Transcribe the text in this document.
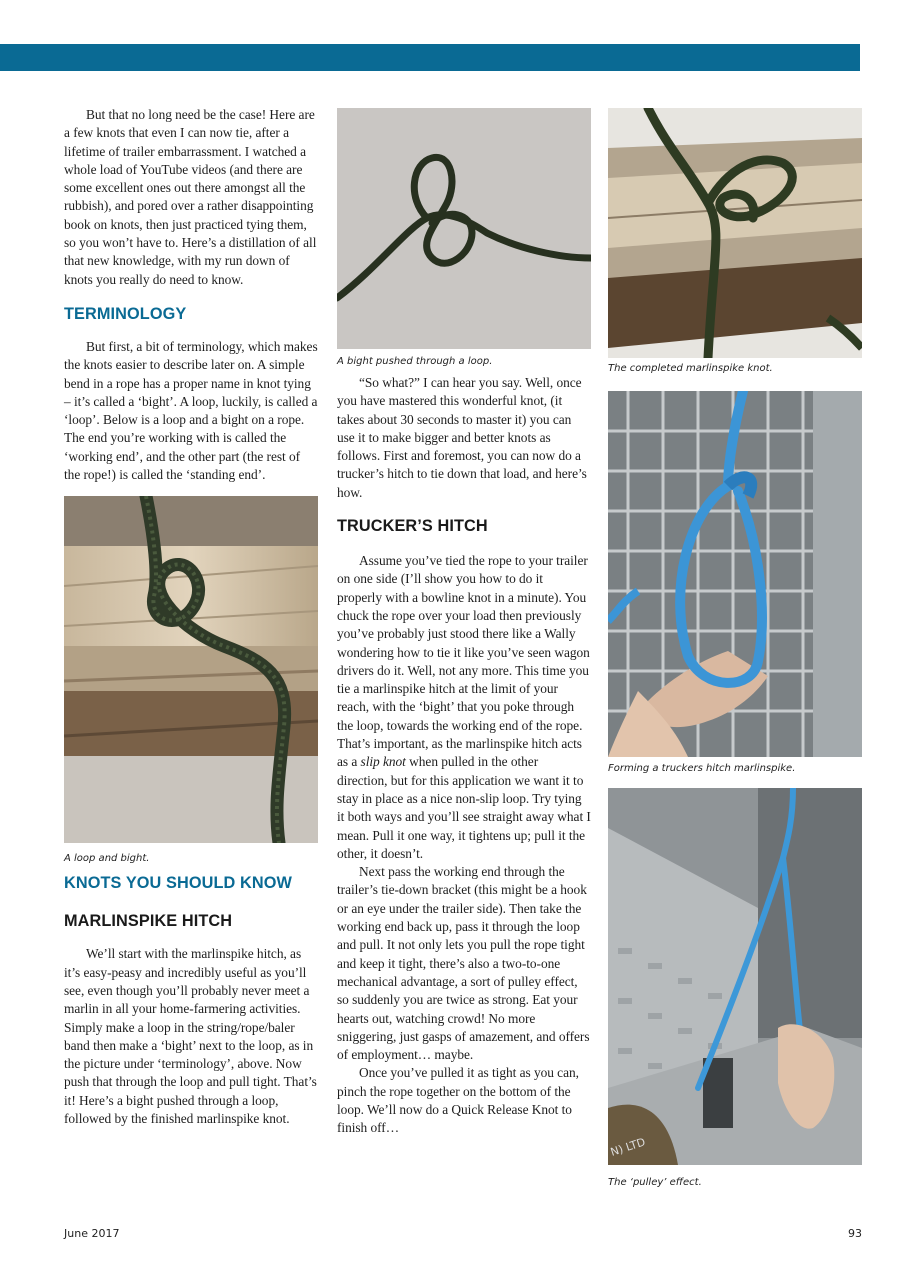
But that no long need be the case! Here are a few knots that even I can now tie, after a lifetime of trailer embarrassment. I watched a whole load of YouTube videos (and there are some excellent ones out there amongst all the rubbish), and pored over a rather disappointing book on knots, then just practiced tying them, so you won’t have to. Here’s a distillation of all that new knowledge, with my run down of knots you really do need to know.

TERMINOLOGY

But first, a bit of terminology, which makes the knots easier to describe later on. A simple bend in a rope has a proper name in knot tying – it’s called a ‘bight’. A loop, luckily, is called a ‘loop’. Below is a loop and a bight on a rope. The end you’re working with is called the ‘working end’, and the other part (the rest of the rope!) is called the ‘standing end’.

A loop and bight.
KNOTS YOU SHOULD KNOW
MARLINSPIKE HITCH

We’ll start with the marlinspike hitch, as it’s easy-peasy and incredibly useful as you’ll see, even though you’ll probably never meet a marlin in all your home-farmering activities. Simply make a loop in the string/rope/baler band then make a ‘bight’ next to the loop, as in the picture under ‘terminology’, above. Now push that through the loop and pull tight. That’s it! Here’s a bight pushed through a loop, followed by the finished marlinspike knot.

A bight pushed through a loop.

“So what?” I can hear you say. Well, once you have mastered this wonderful knot, (it takes about 30 seconds to master it) you can use it to make bigger and better knots as follows. First and foremost, you can now do a trucker’s hitch to tie down that load, and here’s how.

TRUCKER’S HITCH

Assume you’ve tied the rope to your trailer on one side (I’ll show you how to do it properly with a bowline knot in a minute). You chuck the rope over your load then previously you’ve probably just stood there like a Wally wondering how to tie it like you’ve seen wagon drivers do it. Well, not any more. This time you tie a marlinspike hitch at the limit of your reach, with the ‘bight’ that you poke through the loop, towards the working end of the rope. That’s important, as the marlinspike hitch acts as a slip knot when pulled in the other direction, but for this application we want it to stay in place as a nice non-slip loop. Try tying it both ways and you’ll see straight away what I mean. Pull it one way, it tightens up; pull it the other, it doesn’t.

Next pass the working end through the trailer’s tie-down bracket (this might be a hook or an eye under the trailer side). Then take the working end back up, pass it through the loop and pull. It not only lets you pull the rope tight and keep it tight, there’s also a two-to-one mechanical advantage, a sort of pulley effect, so suddenly you are twice as strong. Eat your hearts out, watching crowd! No more sniggering, just gasps of amazement, and offers of employment… maybe.

Once you’ve pulled it as tight as you can, pinch the rope together on the bottom of the loop. We’ll now do a Quick Release Knot to finish off…

The completed marlinspike knot.
Forming a truckers hitch marlinspike.
N) LTD
The ‘pulley’ effect.
June 2017	93
